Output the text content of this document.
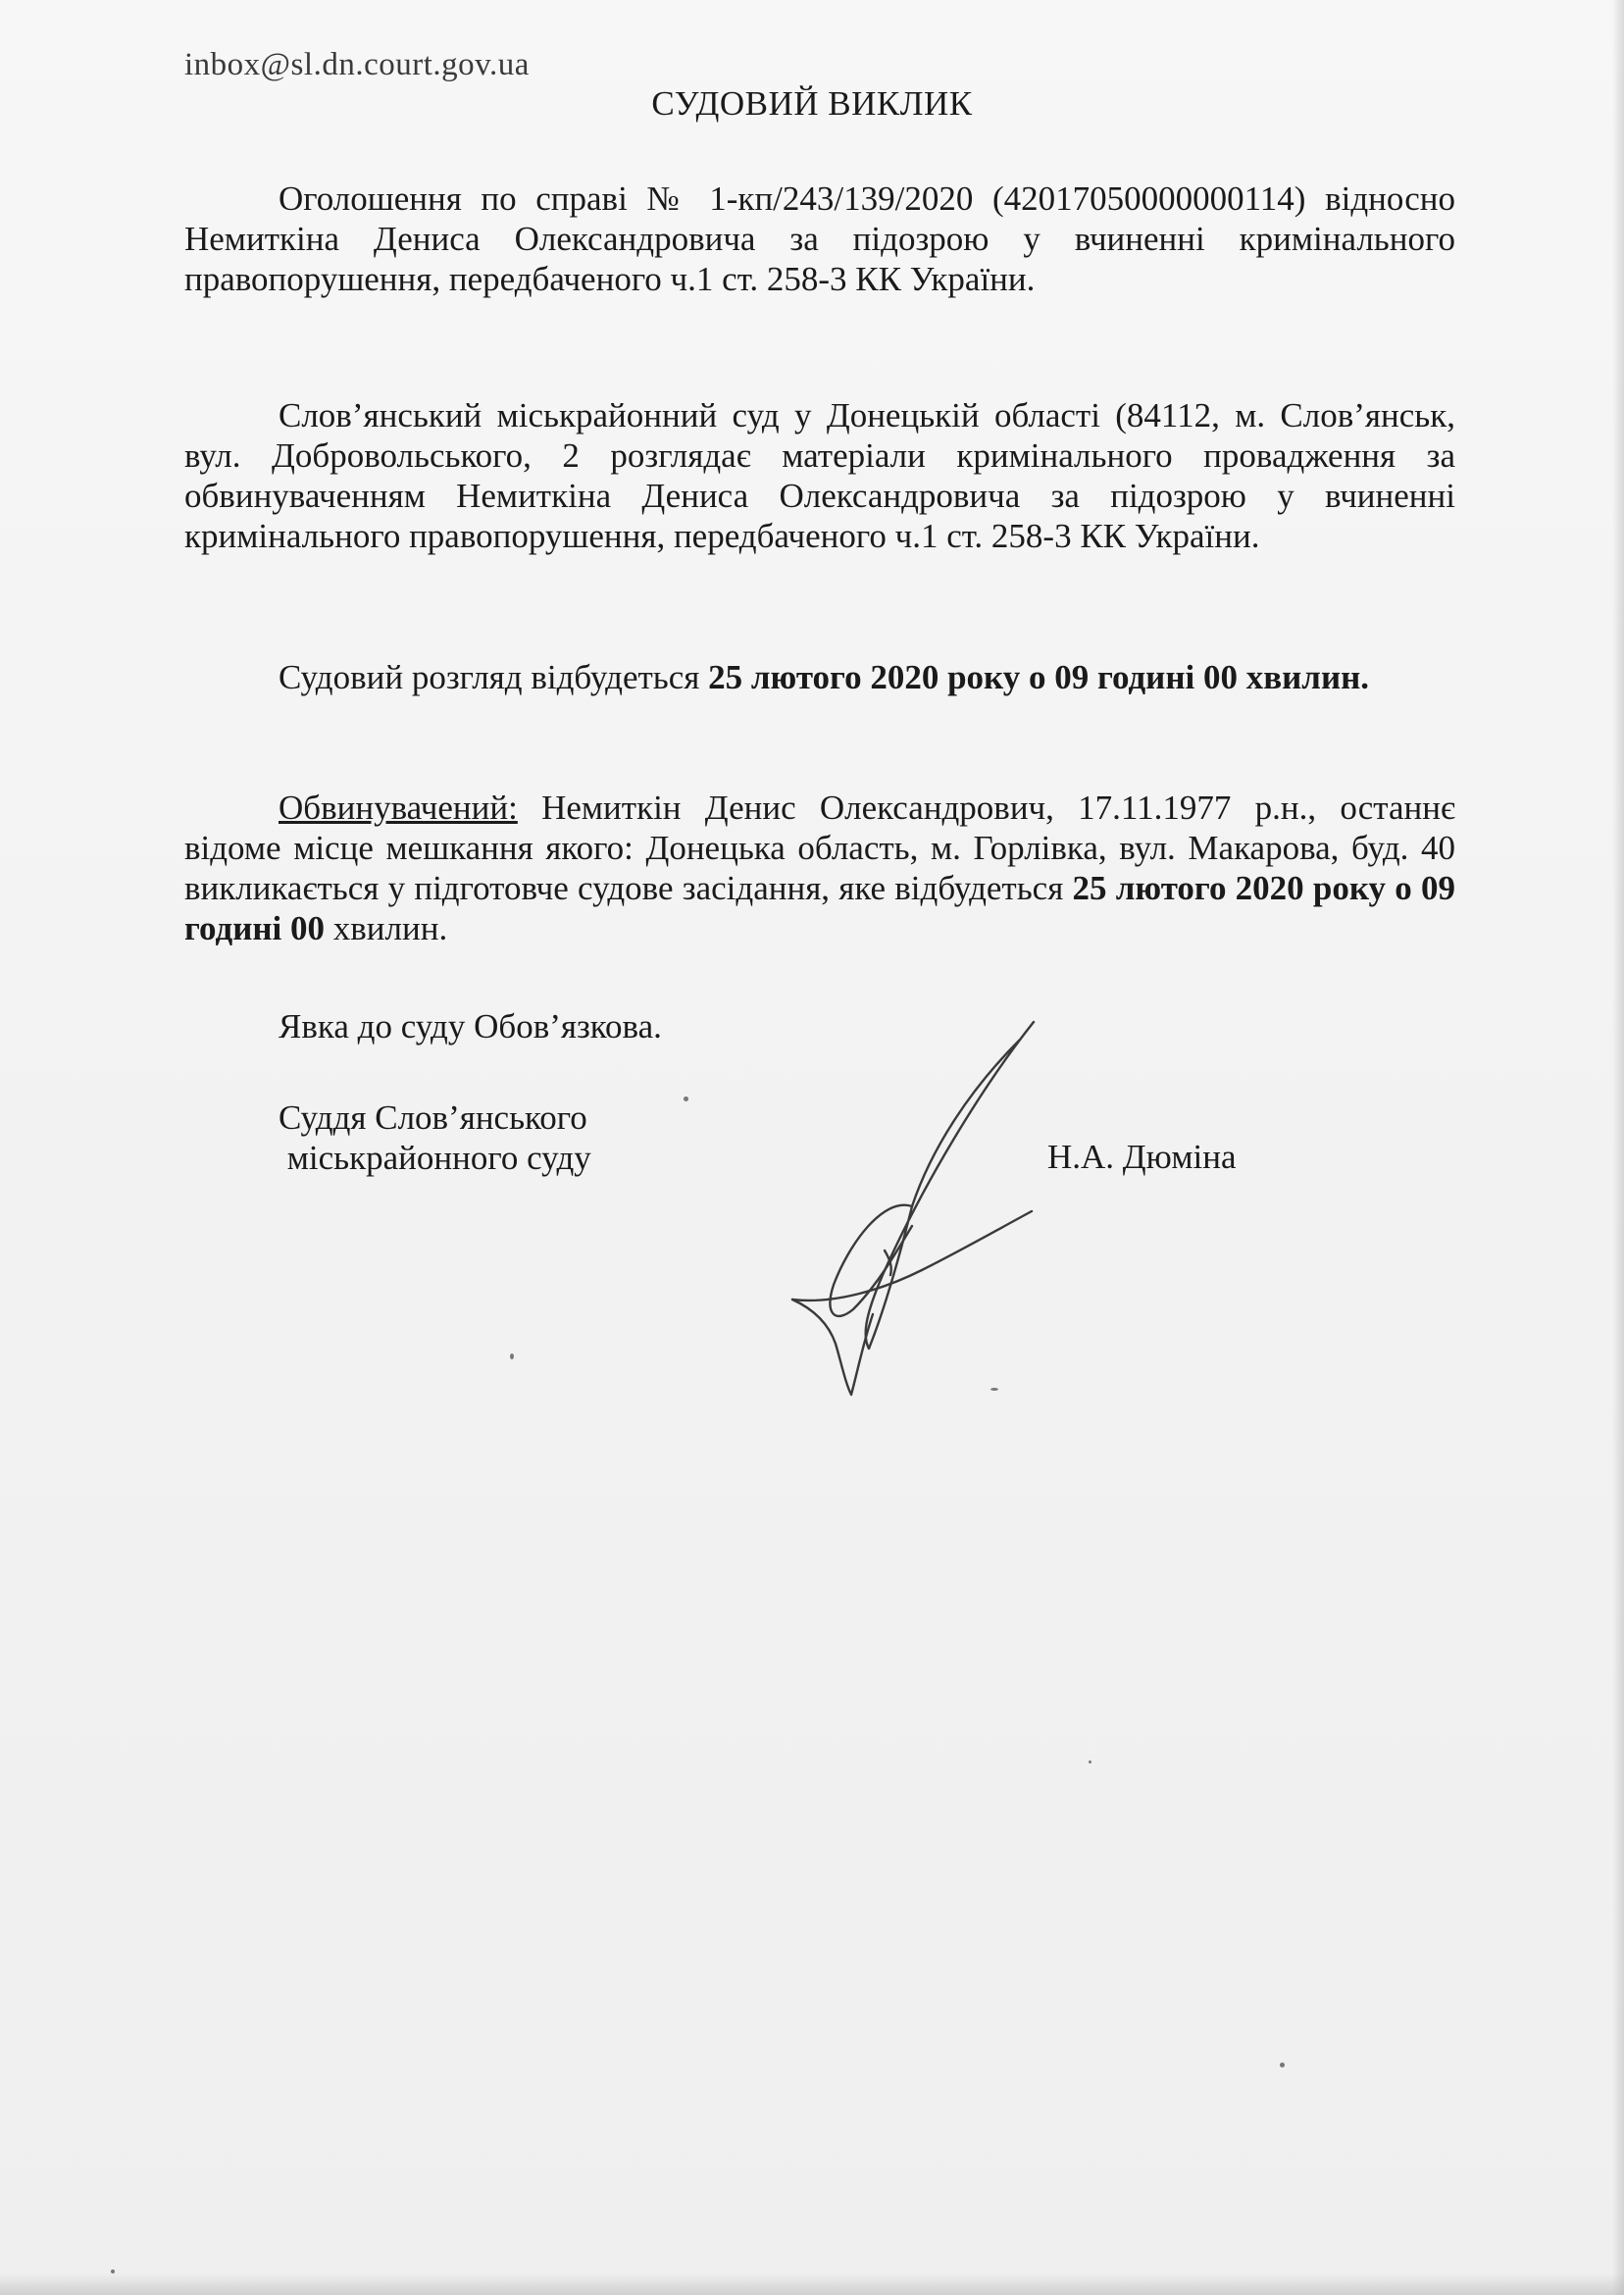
inbox@sl.dn.court.gov.ua
СУДОВИЙ ВИКЛИК
Оголошення по справі № 1-кп/243/139/2020 (42017050000000114) відносно Немиткіна Дениса Олександровича за підозрою у вчиненні кримінального правопорушення, передбаченого ч.1 ст. 258-3 КК України.
Слов’янський міськрайонний суд у Донецькій області (84112, м. Слов’янськ, вул. Добровольського, 2 розглядає матеріали кримінального провадження за обвинуваченням Немиткіна Дениса Олександровича за підозрою у вчиненні кримінального правопорушення, передбаченого ч.1 ст. 258-3 КК України.
Судовий розгляд відбудеться 25 лютого 2020 року о 09 годині 00 хвилин.
Обвинувачений: Немиткін Денис Олександрович, 17.11.1977 р.н., останнє відоме місце мешкання якого: Донецька область, м. Горлівка, вул. Макарова, буд. 40 викликається у підготовче судове засідання, яке відбудеться 25 лютого 2020 року о 09 годині 00 хвилин.
Явка до суду Обов’язкова.
Суддя Слов’янського
міськрайонного суду	Н.А. Дюміна
